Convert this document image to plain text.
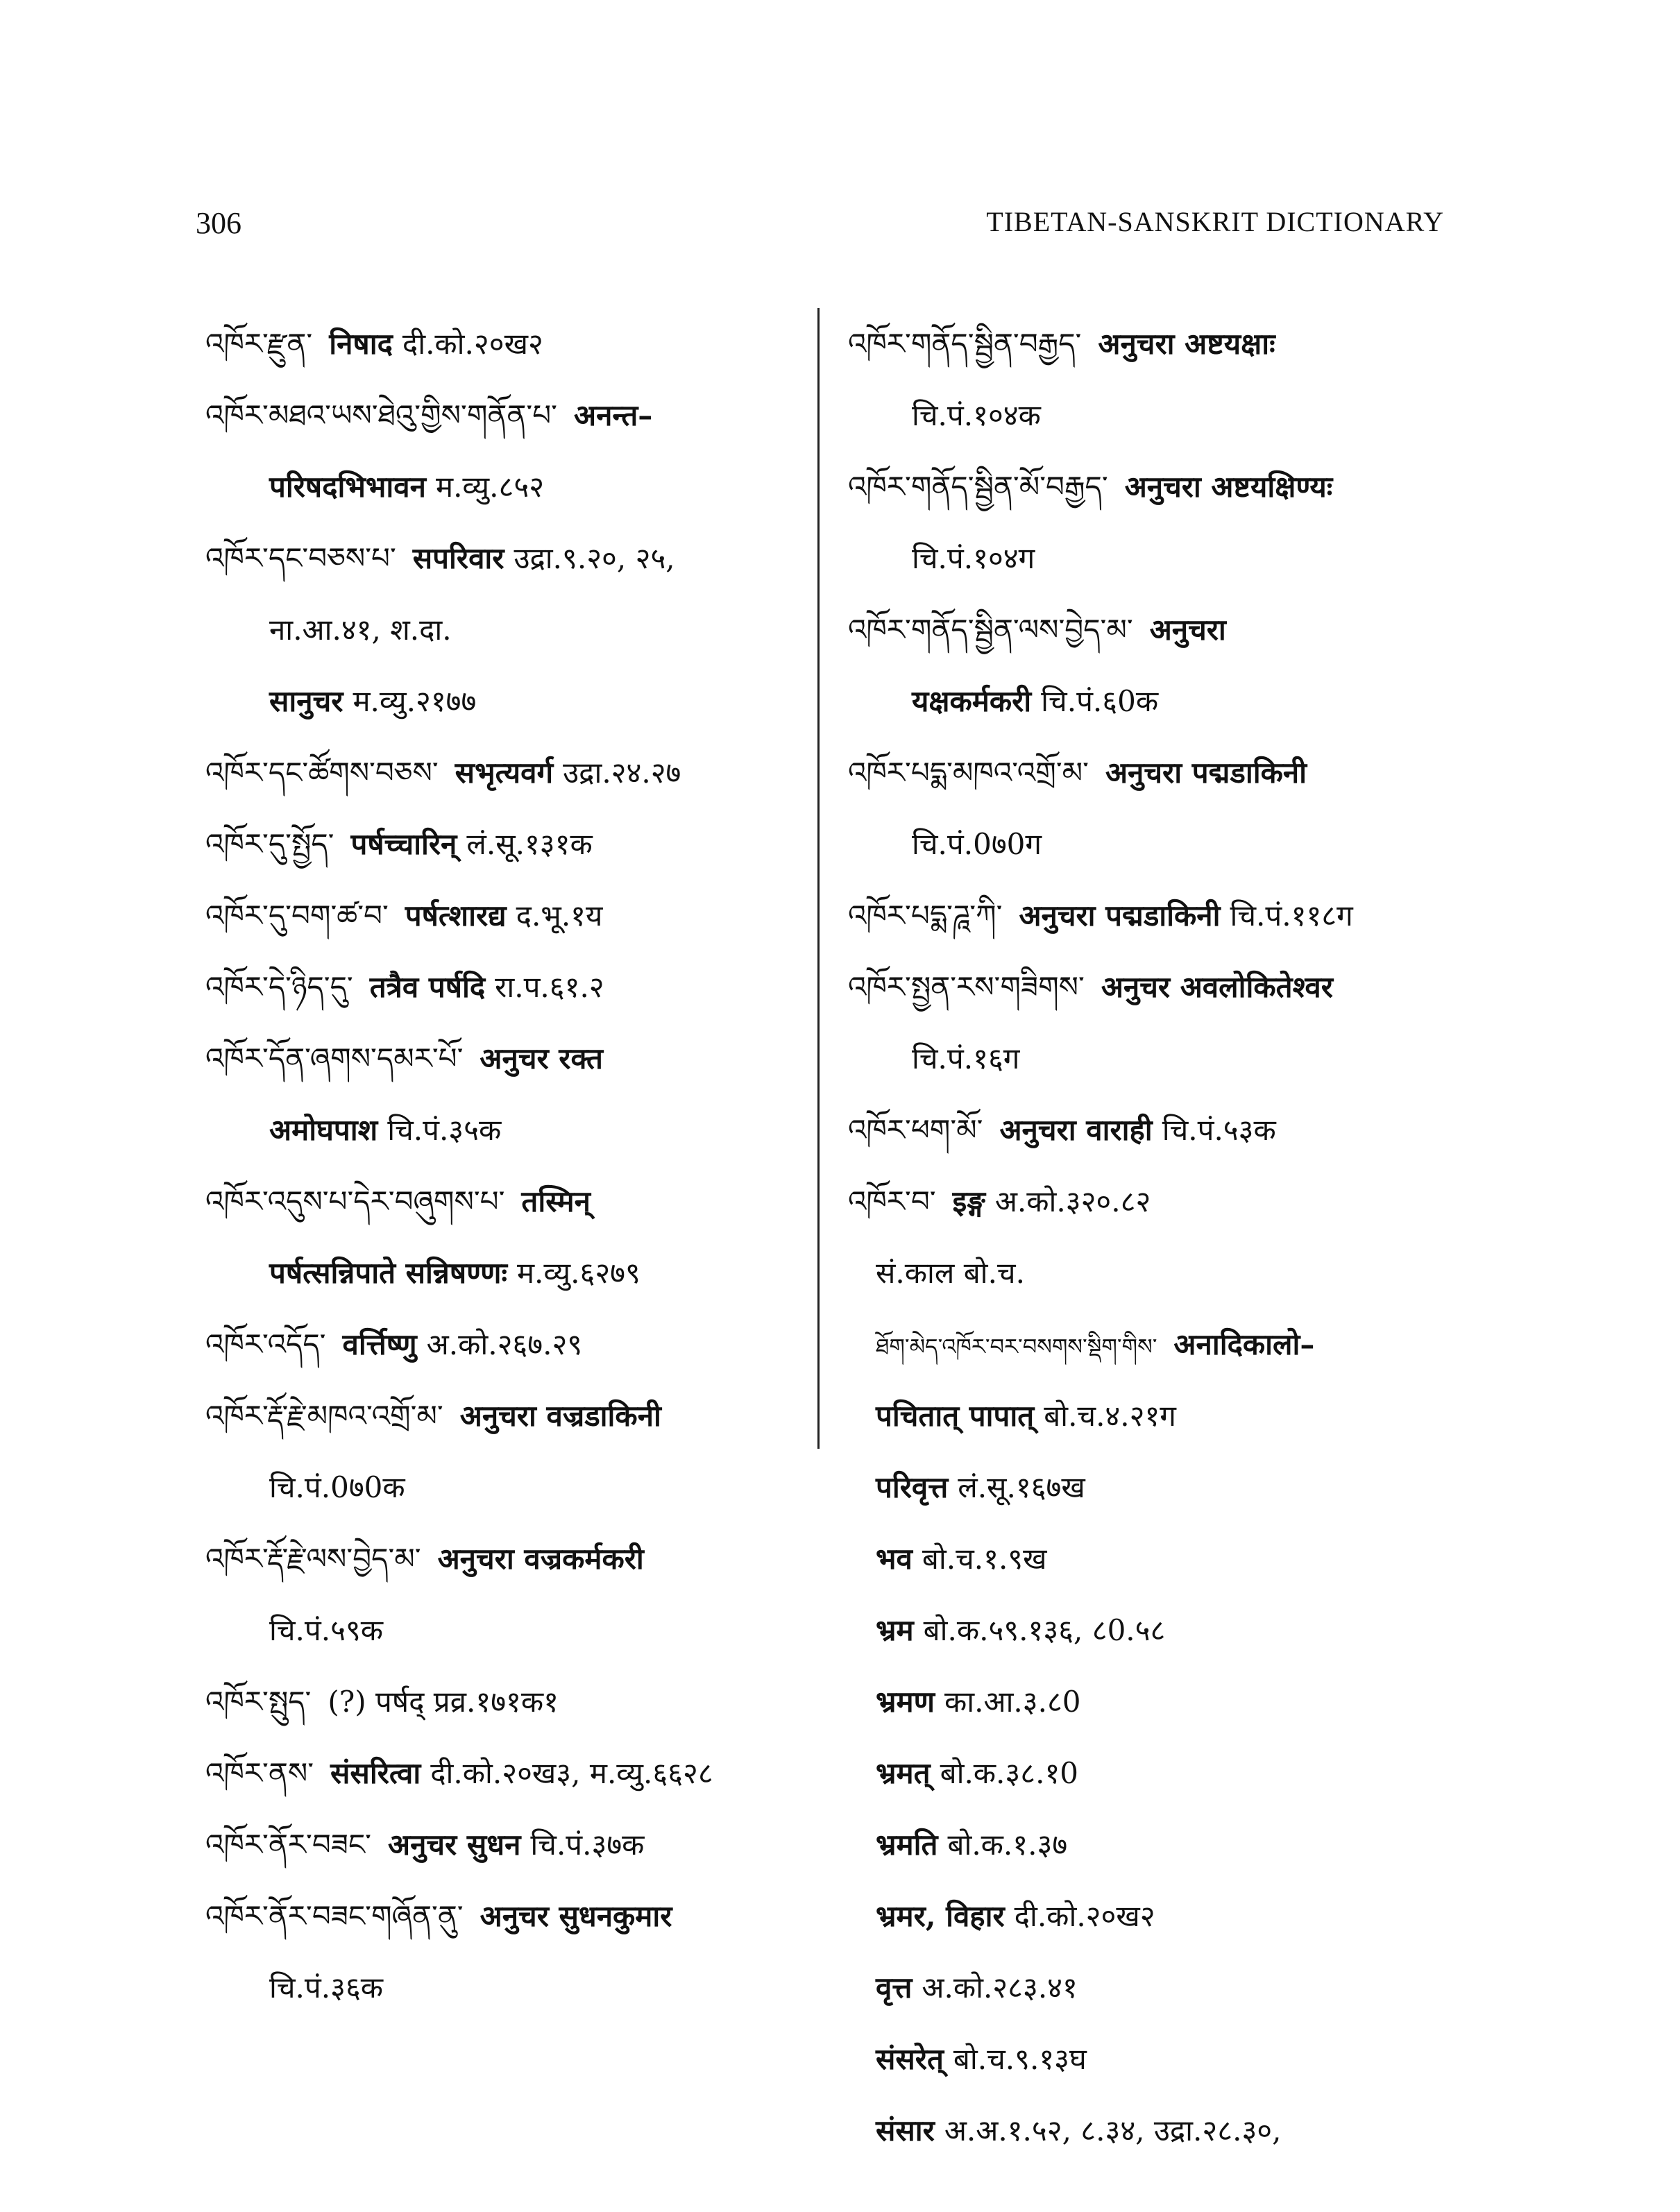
306	TIBETAN-SANSKRIT DICTIONARY
འཁོར་རྫུན་ निषाद दी.को.२०ख२
འཁོར་མཐའ་ཡས་ཐེའུ་གྱིས་གནོན་པ་ अनन्त–
परिषदभिभावन म.व्यु.८५२
འཁོར་དང་བཅས་པ་ सपरिवार उद्रा.९.२०, २५,
ना.आ.४१, श.दा.
सानुचर म.व्यु.२१७७
འཁོར་དང་ཚོགས་བཅས་ सभृत्यवर्ग उद्रा.२४.२७
འཁོར་དུ་སྤྱོད་ पर्षच्चारिन् लं.सू.१३१क
འཁོར་དུ་བག་ཚ་བ་ पर्षत्शारद्य द.भू.१य
འཁོར་དེ་ཉིད་དུ་ तत्रैव पर्षदि रा.प.६१.२
འཁོར་དོན་ཞགས་དམར་པོ་ अनुचर रक्त
अमोघपाश चि.पं.३५क
འཁོར་འདུས་པ་དེར་བཞུགས་པ་ तस्मिन्
पर्षत्सन्निपाते सन्निषण्णः म.व्यु.६२७९
འཁོར་འདོད་ वर्त्तिष्णु अ.को.२६७.२९
འཁོར་རྡོ་རྗེ་མཁའ་འགྲོ་མ་ अनुचरा वज्रडाकिनी
चि.पं.0७0क
འཁོར་རྡོ་རྗེ་ལས་བྱེད་མ་ अनुचरा वज्रकर्मकरी
चि.पं.५९क
འཁོར་སྤུད་ (?) पर्षद् प्रव्र.१७१क१
འཁོར་ནས་ संसरित्वा दी.को.२०ख३, म.व्यु.६६२८
འཁོར་ནོར་བཟང་ अनुचर सुधन चि.पं.३७क
འཁོར་ནོར་བཟང་གཞོན་ནུ་ अनुचर सुधनकुमार
चि.पं.३६क
འཁོར་གནོད་སྦྱིན་བརྒྱད་ अनुचरा अष्टयक्षाः
चि.पं.१०४क
འཁོར་གནོད་སྦྱིན་མོ་བརྒྱད་ अनुचरा अष्टयक्षिण्यः
चि.पं.१०४ग
འཁོར་གནོད་སྦྱིན་ལས་བྱེད་མ་ अनुचरा
यक्षकर्मकरी चि.पं.६0क
འཁོར་པདྨ་མཁའ་འགྲོ་མ་ अनुचरा पद्मडाकिनी
चि.पं.0७0ग
འཁོར་པདྨ་ཌཱ་ཀི་ अनुचरा पद्मडाकिनी चि.पं.११८ग
འཁོར་སྤྱན་རས་གཟིགས་ अनुचर अवलोकितेश्वर
चि.पं.१६ग
འཁོར་ཕག་མོ་ अनुचरा वाराही चि.पं.५३क
འཁོར་བ་ इङ्ग अ.को.३२०.८२
सं.काल बो.च.
ཐོག་མེད་འཁོར་བར་བསགས་སྡིག་གིས་ अनादिकालो–
पचितात् पापात् बो.च.४.२१ग
परिवृत्त लं.सू.१६७ख
भव बो.च.१.९ख
भ्रम बो.क.५९.१३६, ८0.५८
भ्रमण का.आ.३.८0
भ्रमत् बो.क.३८.१0
भ्रमति बो.क.१.३७
भ्रमर, विहार दी.को.२०ख२
वृत्त अ.को.२८३.४१
संसरेत् बो.च.९.१३घ
संसार अ.अ.१.५२, ८.३४, उद्रा.२८.३०,
